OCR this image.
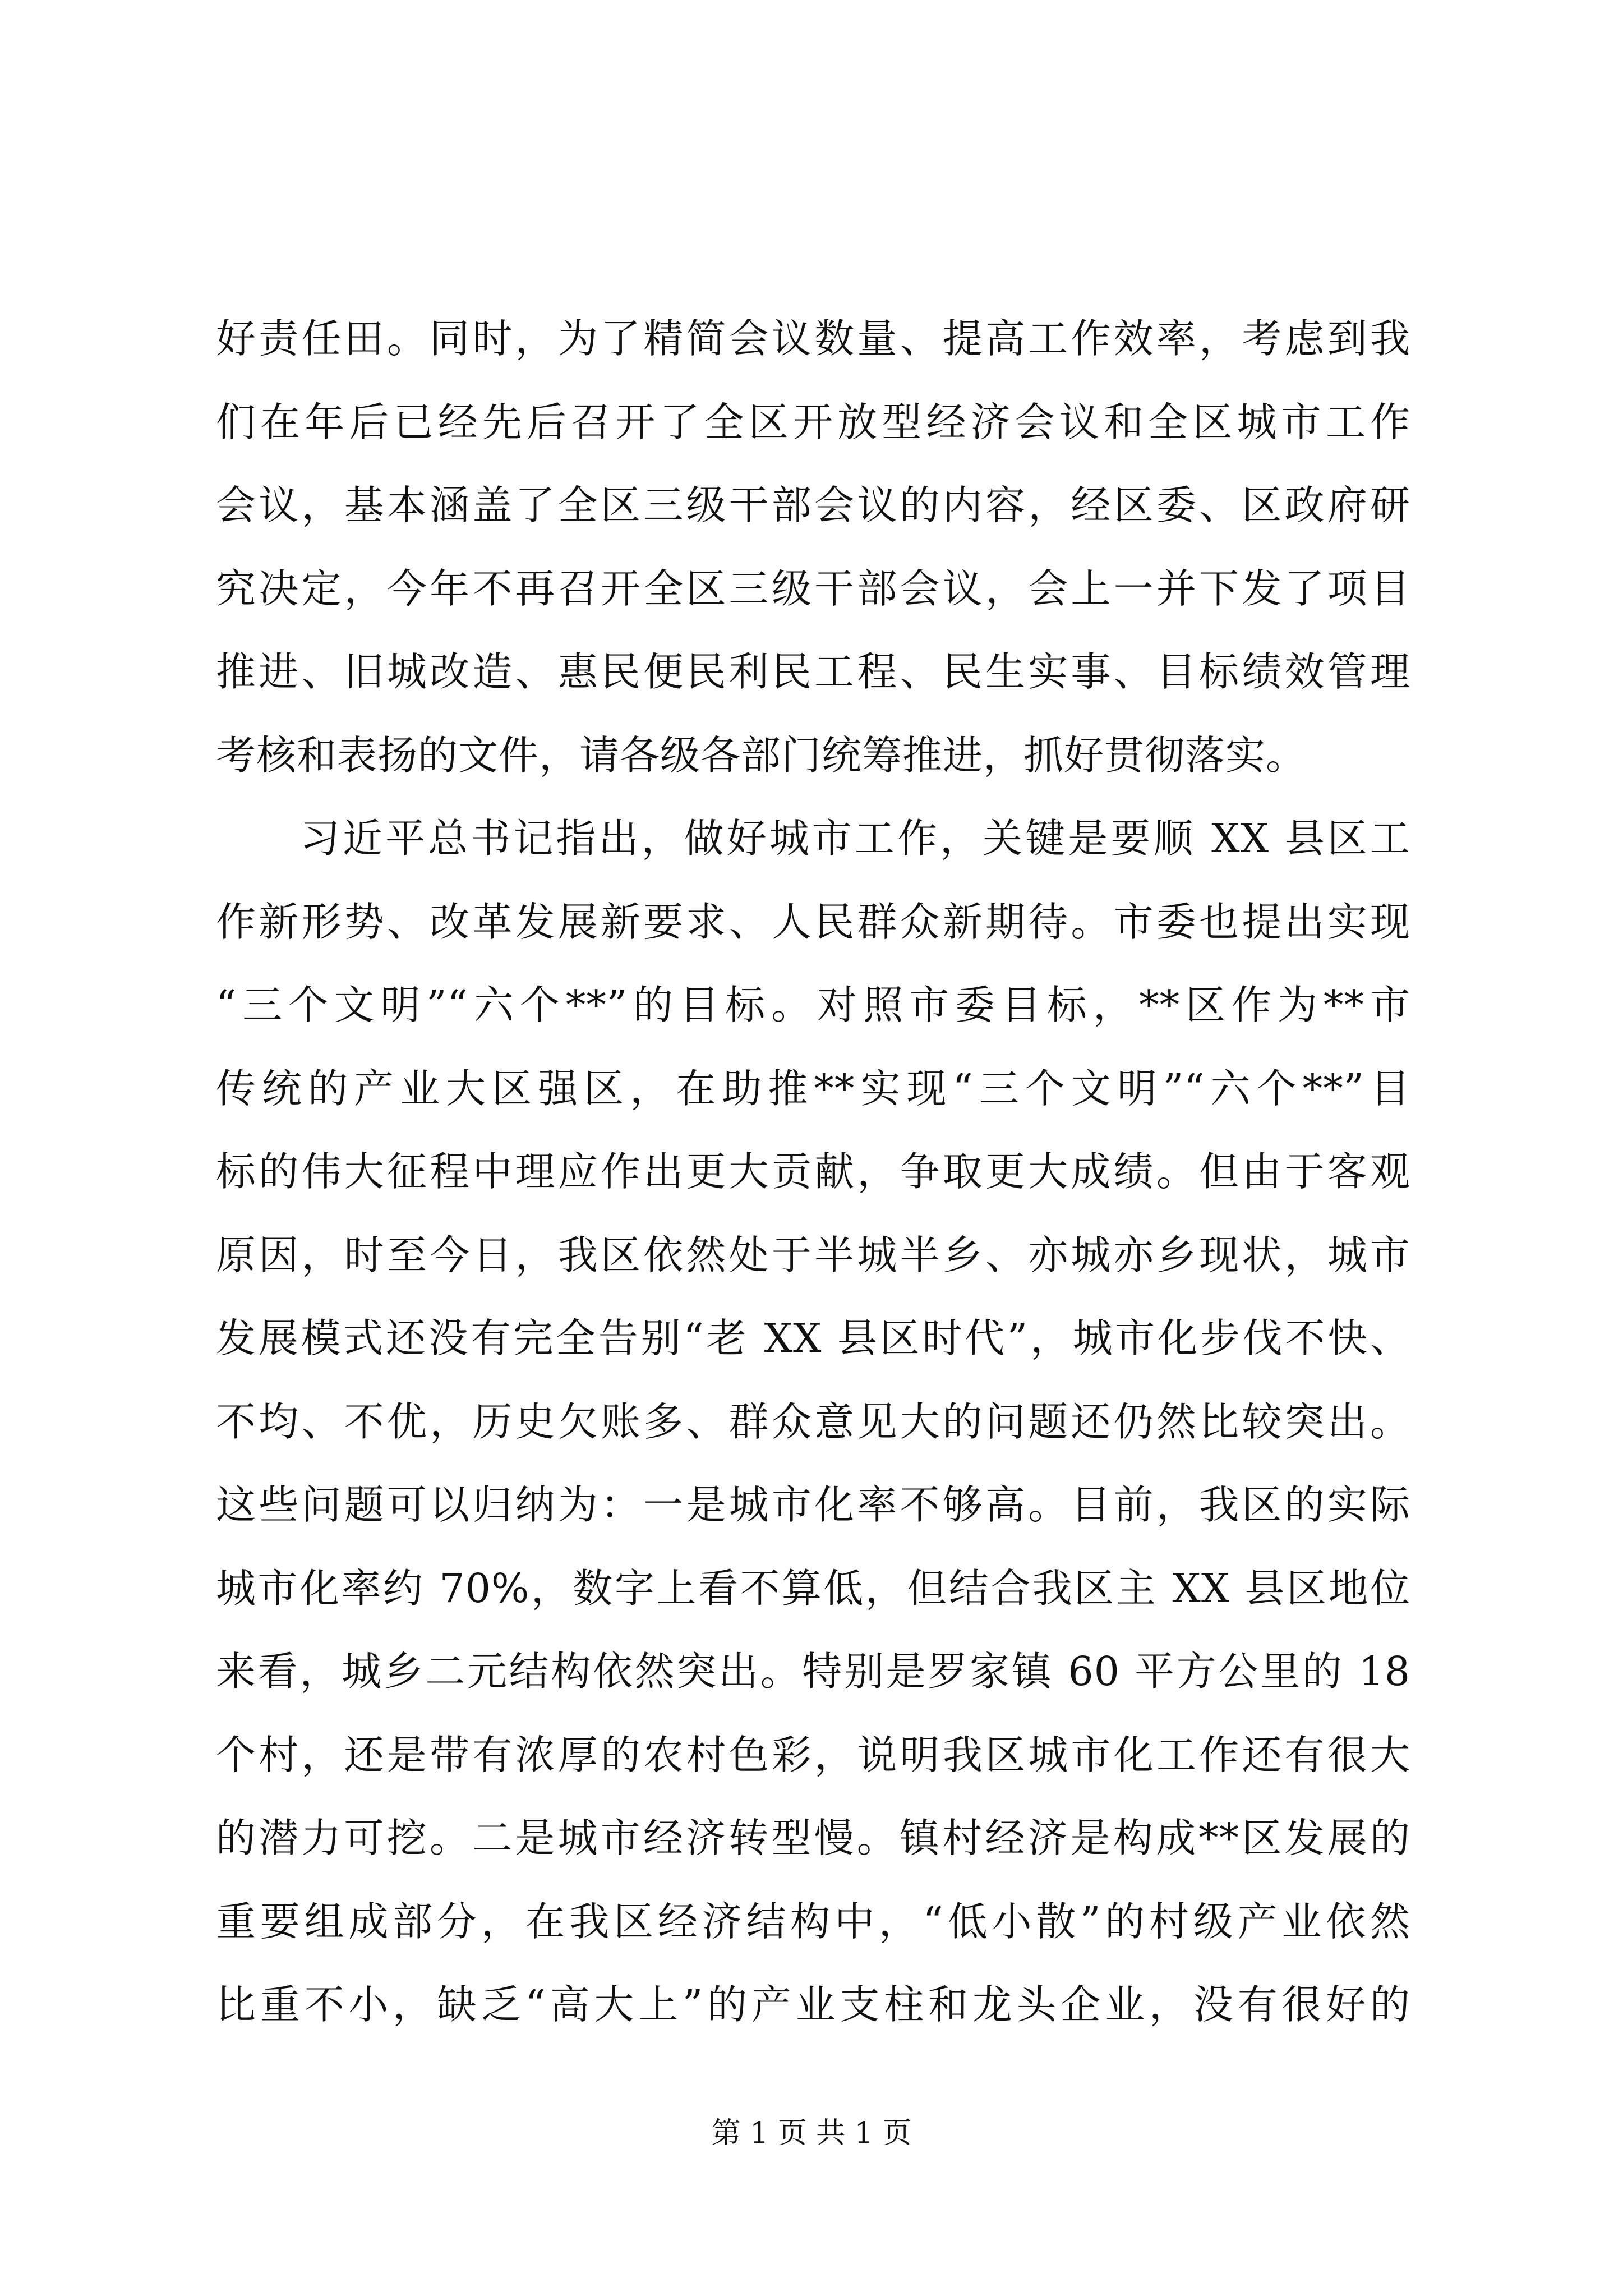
好责任田。同时，为了精简会议数量、提高工作效率，考虑到我
们在年后已经先后召开了全区开放型经济会议和全区城市工作
会议，基本涵盖了全区三级干部会议的内容，经区委、区政府研
究决定，今年不再召开全区三级干部会议，会上一并下发了项目
推进、旧城改造、惠民便民利民工程、民生实事、目标绩效管理
考核和表扬的文件，请各级各部门统筹推进，抓好贯彻落实。
习近平总书记指出，做好城市工作，关键是要顺 XX 县区工
作新形势、改革发展新要求、人民群众新期待。市委也提出实现
“三个文明”“六个**”的目标。对照市委目标，**区作为**市
传统的产业大区强区，在助推**实现“三个文明”“六个**”目
标的伟大征程中理应作出更大贡献，争取更大成绩。但由于客观
原因，时至今日，我区依然处于半城半乡、亦城亦乡现状，城市
发展模式还没有完全告别“老 XX 县区时代”，城市化步伐不快、
不均、不优，历史欠账多、群众意见大的问题还仍然比较突出。
这些问题可以归纳为：一是城市化率不够高。目前，我区的实际
城市化率约 70%，数字上看不算低，但结合我区主 XX 县区地位
来看，城乡二元结构依然突出。特别是罗家镇 60 平方公里的 18
个村，还是带有浓厚的农村色彩，说明我区城市化工作还有很大
的潜力可挖。二是城市经济转型慢。镇村经济是构成**区发展的
重要组成部分，在我区经济结构中，“低小散”的村级产业依然
比重不小，缺乏“高大上”的产业支柱和龙头企业，没有很好的
第 1 页 共 1 页
